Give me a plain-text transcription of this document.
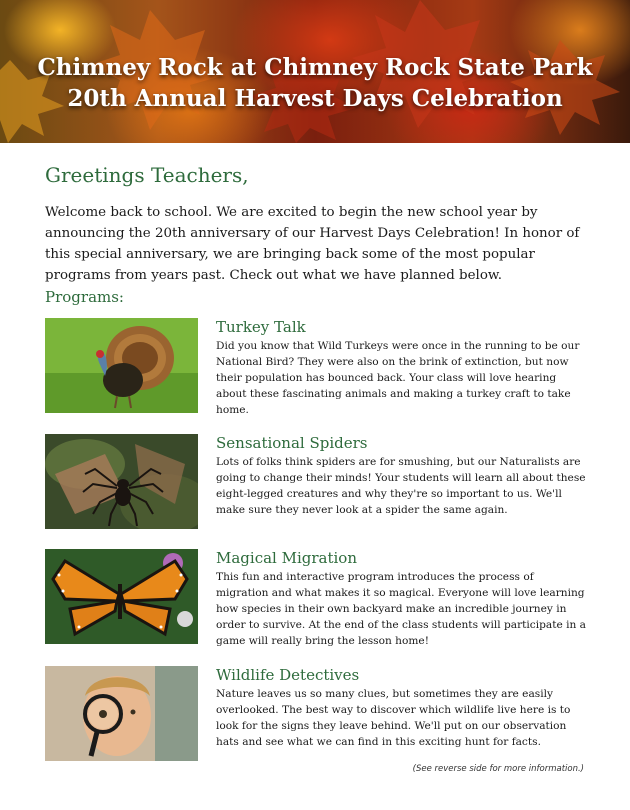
Chimney Rock at Chimney Rock State Park
20th Annual Harvest Days Celebration
Greetings Teachers,

Welcome back to school. We are excited to begin the new school year by announcing the 20th anniversary of our Harvest Days Celebration! In honor of this special anniversary, we are bringing back some of the most popular programs from years past. Check out what we have planned below.

Programs:
Turkey Talk

Did you know that Wild Turkeys were once in the running to be our National Bird? They were also on the brink of extinction, but now their population has bounced back. Your class will love hearing about these fascinating animals and making a turkey craft to take home.

Sensational Spiders

Lots of folks think spiders are for smushing, but our Naturalists are going to change their minds! Your students will learn all about these eight-legged creatures and why they're so important to us. We'll make sure they never look at a spider the same again.

Magical Migration

This fun and interactive program introduces the process of migration and what makes it so magical. Everyone will love learning how species in their own backyard make an incredible journey in order to survive. At the end of the class students will participate in a game will really bring the lesson home!

Wildlife Detectives

Nature leaves us so many clues, but sometimes they are easily overlooked. The best way to discover which wildlife live here is to look for the signs they leave behind. We'll put on our observation hats and see what we can find in this exciting hunt for facts.

(See reverse side for more information.)
